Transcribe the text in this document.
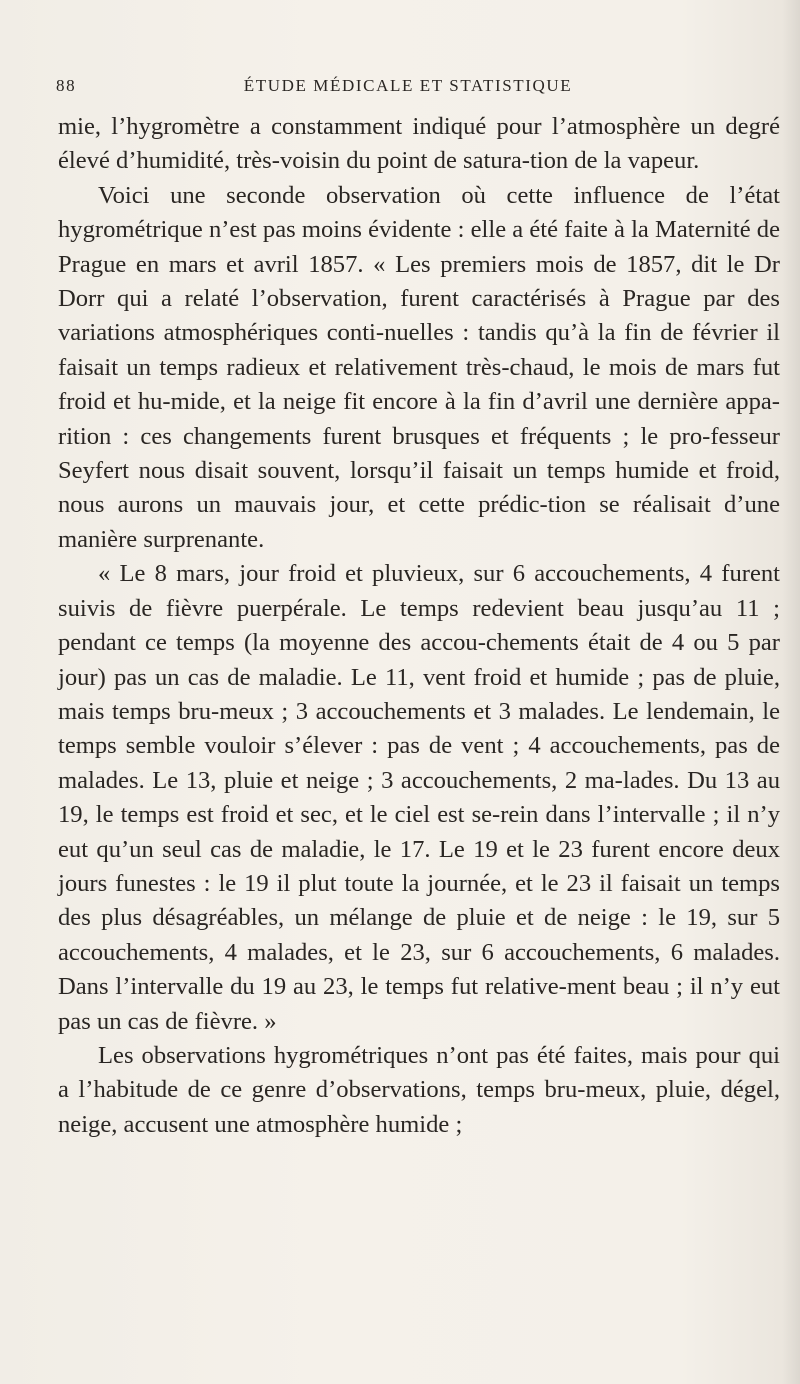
88	ÉTUDE MÉDICALE ET STATISTIQUE

mie, l’hygromètre a constamment indiqué pour l’atmosphère un degré élevé d’humidité, très-voisin du point de satura-tion de la vapeur.

Voici une seconde observation où cette influence de l’état hygrométrique n’est pas moins évidente : elle a été faite à la Maternité de Prague en mars et avril 1857. « Les premiers mois de 1857, dit le Dr Dorr qui a relaté l’observation, furent caractérisés à Prague par des variations atmosphériques conti-nuelles : tandis qu’à la fin de février il faisait un temps radieux et relativement très-chaud, le mois de mars fut froid et hu-mide, et la neige fit encore à la fin d’avril une dernière appa-rition : ces changements furent brusques et fréquents ; le pro-fesseur Seyfert nous disait souvent, lorsqu’il faisait un temps humide et froid, nous aurons un mauvais jour, et cette prédic-tion se réalisait d’une manière surprenante.

« Le 8 mars, jour froid et pluvieux, sur 6 accouchements, 4 furent suivis de fièvre puerpérale. Le temps redevient beau jusqu’au 11 ; pendant ce temps (la moyenne des accou-chements était de 4 ou 5 par jour) pas un cas de maladie. Le 11, vent froid et humide ; pas de pluie, mais temps bru-meux ; 3 accouchements et 3 malades. Le lendemain, le temps semble vouloir s’élever : pas de vent ; 4 accouchements, pas de malades. Le 13, pluie et neige ; 3 accouchements, 2 ma-lades. Du 13 au 19, le temps est froid et sec, et le ciel est se-rein dans l’intervalle ; il n’y eut qu’un seul cas de maladie, le 17. Le 19 et le 23 furent encore deux jours funestes : le 19 il plut toute la journée, et le 23 il faisait un temps des plus désagréables, un mélange de pluie et de neige : le 19, sur 5 accouchements, 4 malades, et le 23, sur 6 accouchements, 6 malades. Dans l’intervalle du 19 au 23, le temps fut relative-ment beau ; il n’y eut pas un cas de fièvre. »

Les observations hygrométriques n’ont pas été faites, mais pour qui a l’habitude de ce genre d’observations, temps bru-meux, pluie, dégel, neige, accusent une atmosphère humide ;
